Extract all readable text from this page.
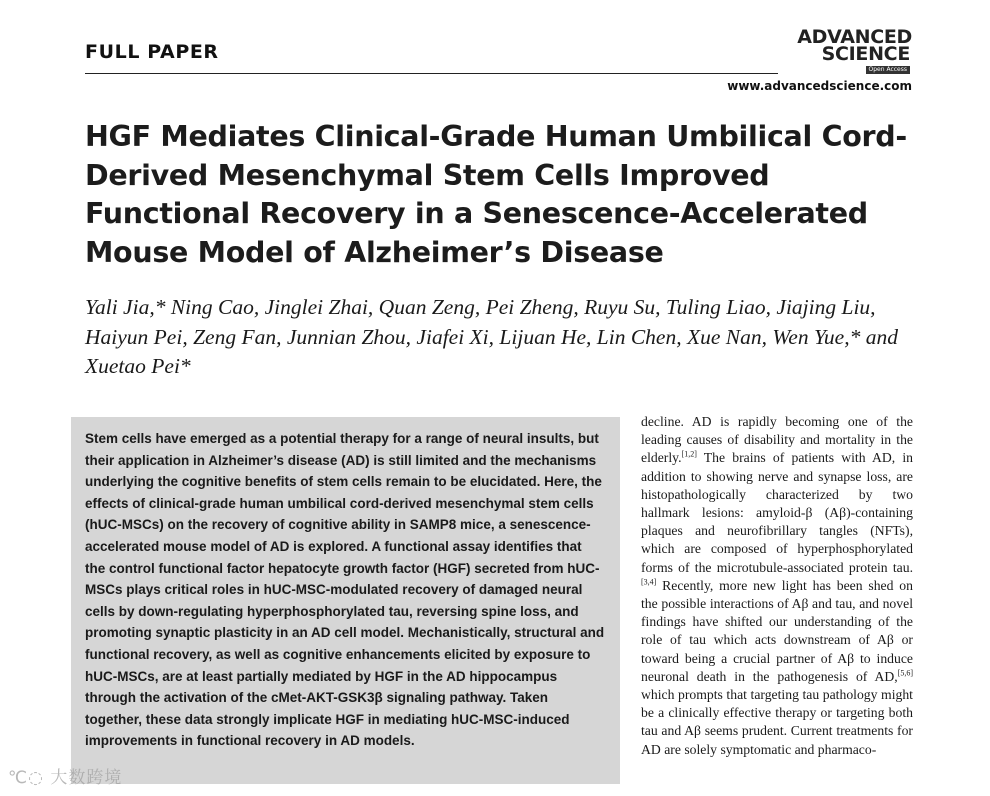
FULL PAPER
ADVANCED
SCIENCE
Open Access
www.advancedscience.com
HGF Mediates Clinical-Grade Human Umbilical Cord-Derived Mesenchymal Stem Cells Improved Functional Recovery in a Senescence-Accelerated Mouse Model of Alzheimer’s Disease

Yali Jia,* Ning Cao, Jinglei Zhai, Quan Zeng, Pei Zheng, Ruyu Su, Tuling Liao, Jiajing Liu, Haiyun Pei, Zeng Fan, Junnian Zhou, Jiafei Xi, Lijuan He, Lin Chen, Xue Nan, Wen Yue,* and Xuetao Pei*

Stem cells have emerged as a potential therapy for a range of neural insults, but their application in Alzheimer’s disease (AD) is still limited and the mechanisms underlying the cognitive benefits of stem cells remain to be elucidated. Here, the effects of clinical-grade human umbilical cord-derived mesenchymal stem cells (hUC-MSCs) on the recovery of cognitive ability in SAMP8 mice, a senescence-accelerated mouse model of AD is explored. A functional assay identifies that the control functional factor hepatocyte growth factor (HGF) secreted from hUC-MSCs plays critical roles in hUC-MSC-modulated recovery of damaged neural cells by down-regulating hyperphosphorylated tau, reversing spine loss, and promoting synaptic plasticity in an AD cell model. Mechanistically, structural and functional recovery, as well as cognitive enhancements elicited by exposure to hUC-MSCs, are at least partially mediated by HGF in the AD hippocampus through the activation of the cMet-AKT-GSK3β signaling pathway. Taken together, these data strongly implicate HGF in mediating hUC-MSC-induced improvements in functional recovery in AD models.

decline. AD is rapidly becoming one of the leading causes of disability and mortality in the elderly.[1,2] The brains of patients with AD, in addition to showing nerve and synapse loss, are histopathologically characterized by two hallmark lesions: amyloid-β (Aβ)-containing plaques and neurofibrillary tangles (NFTs), which are composed of hyperphosphorylated forms of the microtubule-associated protein tau.[3,4] Recently, more new light has been shed on the possible interactions of Aβ and tau, and novel findings have shifted our understanding of the role of tau which acts downstream of Aβ or toward being a crucial partner of Aβ to induce neuronal death in the pathogenesis of AD,[5,6] which prompts that targeting tau pathology might be a clinically effective therapy or targeting both tau and Aβ seems prudent. Current treatments for AD are solely symptomatic and pharmaco-

℃◌ 大数跨境
